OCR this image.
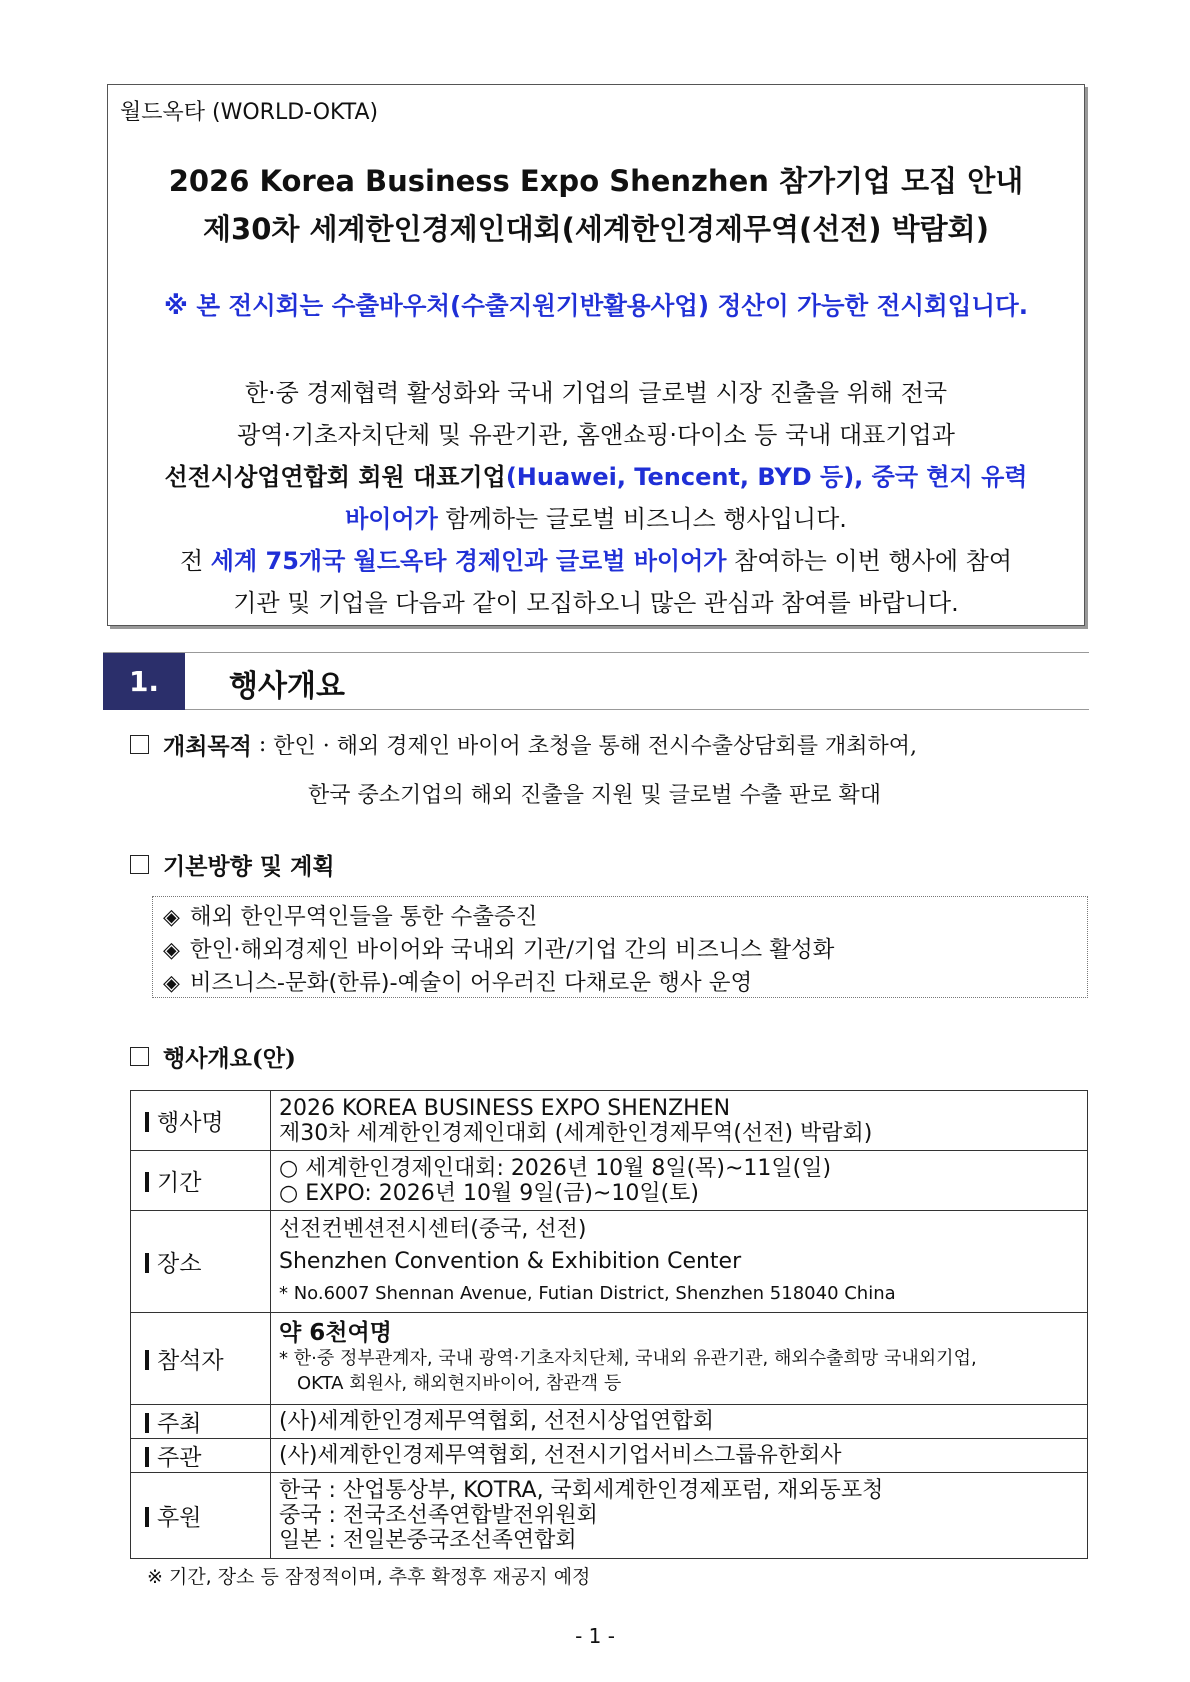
월드옥타 (WORLD-OKTA)
2026 Korea Business Expo Shenzhen 참가기업 모집 안내
제30차 세계한인경제인대회(세계한인경제무역(선전) 박람회)
※ 본 전시회는 수출바우처(수출지원기반활용사업) 정산이 가능한 전시회입니다.
한·중 경제협력 활성화와 국내 기업의 글로벌 시장 진출을 위해 전국
광역·기초자치단체 및 유관기관, 홈앤쇼핑·다이소 등 국내 대표기업과
선전시상업연합회 회원 대표기업(Huawei, Tencent, BYD 등), 중국 현지 유력
바이어가 함께하는 글로벌 비즈니스 행사입니다.
전 세계 75개국 월드옥타 경제인과 글로벌 바이어가 참여하는 이번 행사에 참여
기관 및 기업을 다음과 같이 모집하오니 많은 관심과 참여를 바랍니다.
1.	행사개요
개최목적 : 한인 · 해외 경제인 바이어 초청을 통해 전시수출상담회를 개최하여,
한국 중소기업의 해외 진출을 지원 및 글로벌 수출 판로 확대
기본방향 및 계획
◈ 해외 한인무역인들을 통한 수출증진
◈ 한인·해외경제인 바이어와 국내외 기관/기업 간의 비즈니스 활성화
◈ 비즈니스-문화(한류)-예술이 어우러진 다채로운 행사 운영
행사개요(안)
행사명	2026 KOREA BUSINESS EXPO SHENZHEN
제30차 세계한인경제인대회 (세계한인경제무역(선전) 박람회)

기간	○ 세계한인경제인대회: 2026년 10월 8일(목)~11일(일)
○ EXPO: 2026년 10월 9일(금)~10일(토)

장소	선전컨벤션전시센터(중국, 선전)
Shenzhen Convention & Exhibition Center
* No.6007 Shennan Avenue, Futian District, Shenzhen 518040 China

참석자	약 6천여명
* 한·중 정부관계자, 국내 광역·기초자치단체, 국내외 유관기관, 해외수출희망 국내외기업,
OKTA 회원사, 해외현지바이어, 참관객 등

주최	(사)세계한인경제무역협회, 선전시상업연합회
주관	(사)세계한인경제무역협회, 선전시기업서비스그룹유한회사
후원	한국 : 산업통상부, KOTRA, 국회세계한인경제포럼, 재외동포청
중국 : 전국조선족연합발전위원회
일본 : 전일본중국조선족연합회
※ 기간, 장소 등 잠정적이며, 추후 확정후 재공지 예정
- 1 -
